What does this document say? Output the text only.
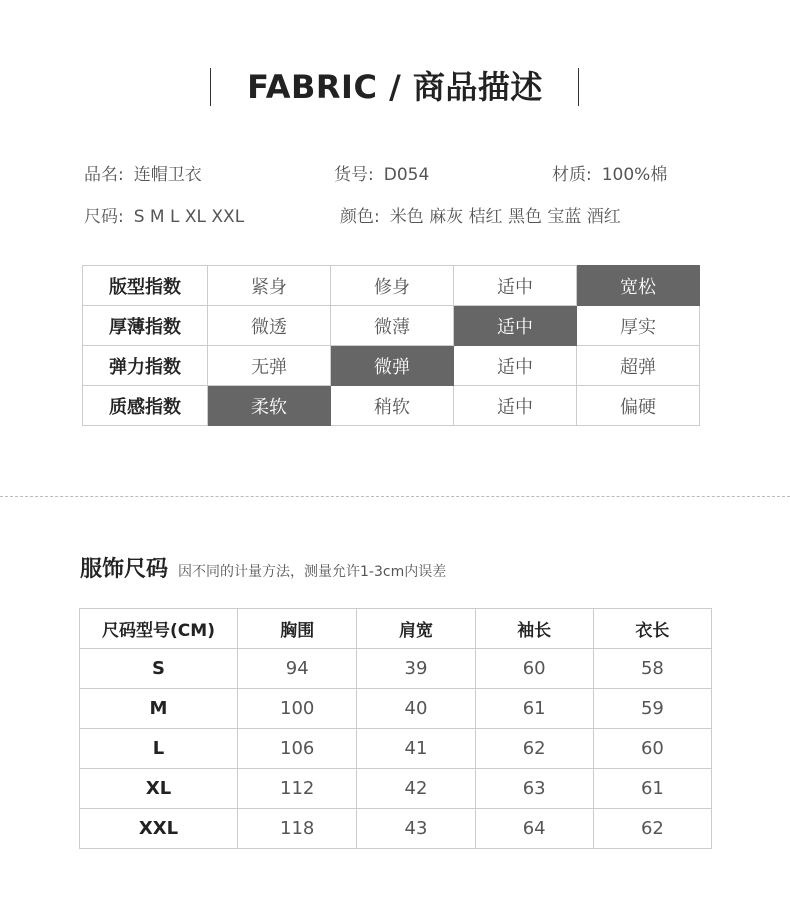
FABRIC / 商品描述
品名: 连帽卫衣	货号: D054	材质: 100%棉
尺码: S M L XL XXL	颜色: 米色 麻灰 桔红 黑色 宝蓝 酒红
版型指数	紧身	修身	适中	宽松
厚薄指数	微透	微薄	适中	厚实
弹力指数	无弹	微弹	适中	超弹
质感指数	柔软	稍软	适中	偏硬
服饰尺码 因不同的计量方法，测量允许1-3cm内误差
尺码型号(CM)	胸围	肩宽	袖长	衣长
S	94	39	60	58
M	100	40	61	59
L	106	41	62	60
XL	112	42	63	61
XXL	118	43	64	62
